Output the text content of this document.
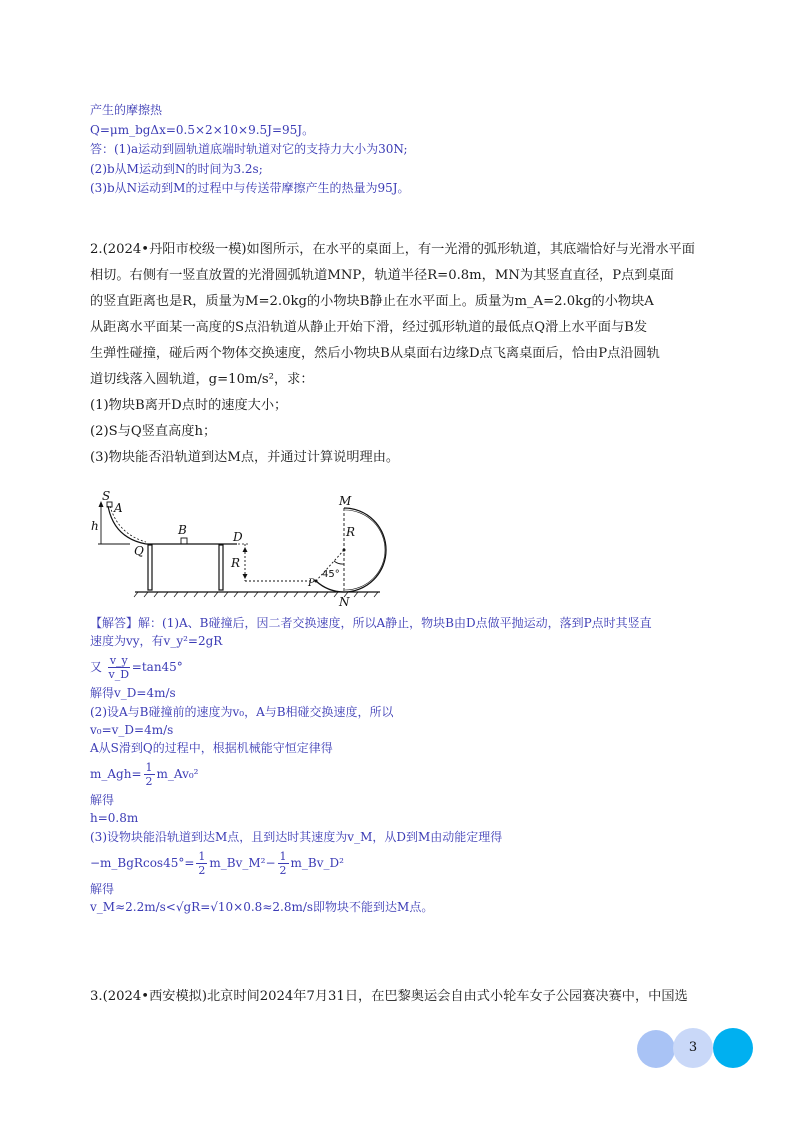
产生的摩擦热
Q=μm_bgΔx=0.5×2×10×9.5J=95J。
答：(1)a运动到圆轨道底端时轨道对它的支持力大小为30N;
(2)b从M运动到N的时间为3.2s;
(3)b从N运动到M的过程中与传送带摩擦产生的热量为95J。
2.(2024•丹阳市校级一模)如图所示，在水平的桌面上，有一光滑的弧形轨道，其底端恰好与光滑水平面
相切。右侧有一竖直放置的光滑圆弧轨道MNP，轨道半径R=0.8m，MN为其竖直直径，P点到桌面
的竖直距离也是R，质量为M=2.0kg的小物块B静止在水平面上。质量为m_A=2.0kg的小物块A
从距离水平面某一高度的S点沿轨道从静止开始下滑，经过弧形轨道的最低点Q滑上水平面与B发
生弹性碰撞，碰后两个物体交换速度，然后小物块B从桌面右边缘D点飞离桌面后，恰由P点沿圆轨
道切线落入圆轨道，g=10m/s²，求：
(1)物块B离开D点时的速度大小；
(2)S与Q竖直高度h；
(3)物块能否沿轨道到达M点，并通过计算说明理由。
S
A
h
Q
B	D
R
M
R
P
N
45°
【解答】解：(1)A、B碰撞后，因二者交换速度，所以A静止，物块B由D点做平抛运动，落到P点时其竖直
速度为vy，有v_y²=2gR
又 $\frac{v\_y}{v\_D} =\tan 45^\circ$
解得v_D=4m/s
(2)设A与B碰撞前的速度为v₀，A与B相碰交换速度，所以
v₀=v_D=4m/s
A从S滑到Q的过程中，根据机械能守恒定律得
m_Agh= $\frac{1}{2}$ m_Av₀²
解得
h=0.8m
(3)设物块能沿轨道到达M点，且到达时其速度为v_M，从D到M由动能定理得
−m_BgRcos45°= $\frac{1}{2}$ m_Bv_M²− $\frac{1}{2}$ m_Bv_D²
解得
v_M≈2.2m/s<√gR=√10×0.8≈2.8m/s即物块不能到达M点。
3.(2024•西安模拟)北京时间2024年7月31日，在巴黎奥运会自由式小轮车女子公园赛决赛中，中国选
3
